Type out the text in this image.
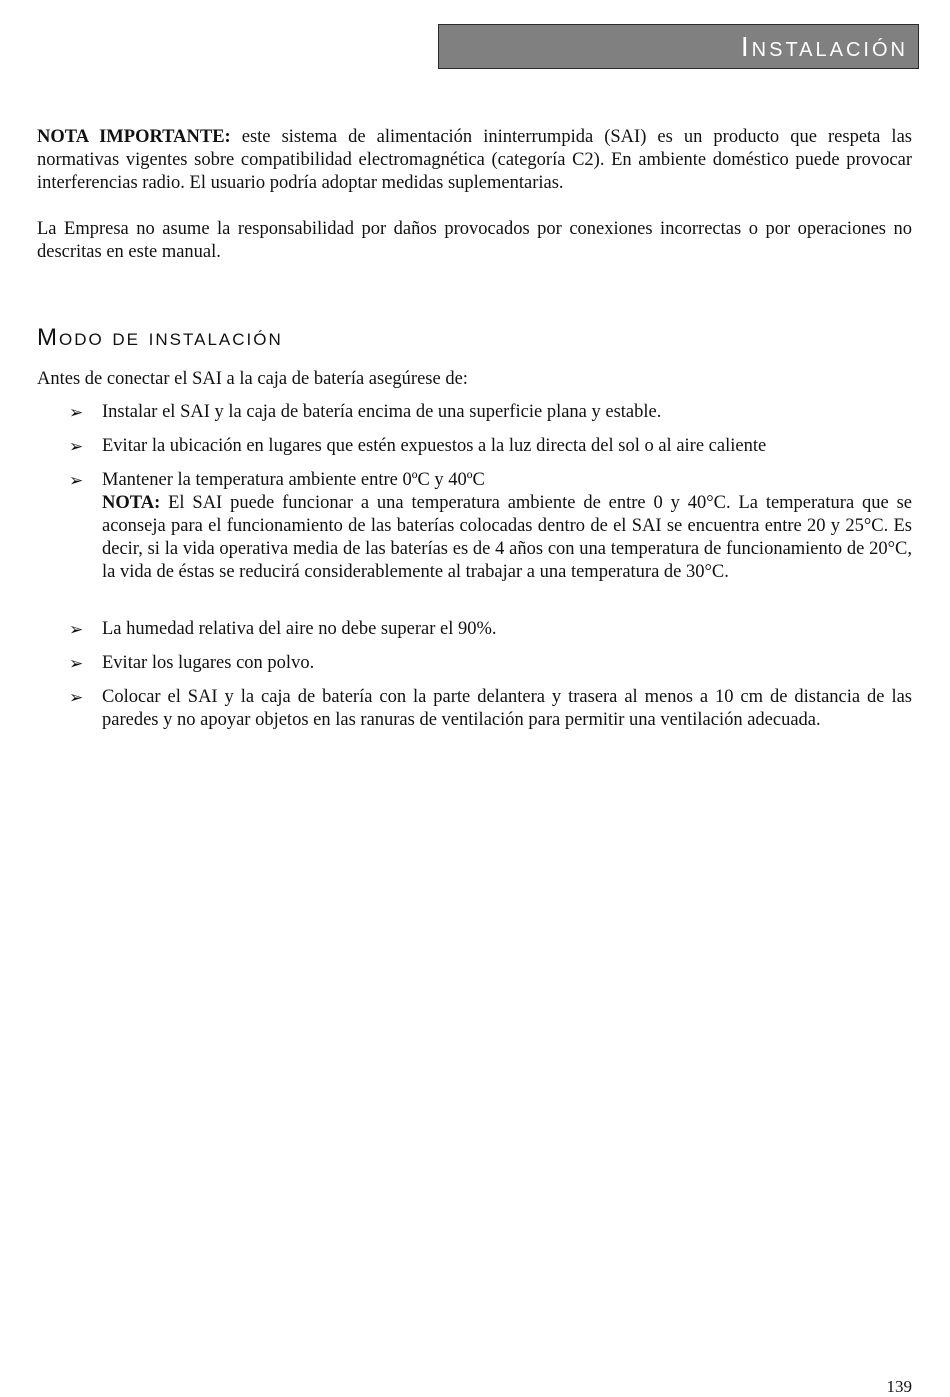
Instalación

NOTA IMPORTANTE: este sistema de alimentación ininterrumpida (SAI) es un producto que respeta las normativas vigentes sobre compatibilidad electromagnética (categoría C2). En ambiente doméstico puede provocar interferencias radio. El usuario podría adoptar medidas suplementarias.

La Empresa no asume la responsabilidad por daños provocados por conexiones incorrectas o por operaciones no descritas en este manual.

Modo de instalación
Antes de conectar el SAI a la caja de batería asegúrese de:
➢ Instalar el SAI y la caja de batería encima de una superficie plana y estable.

➢ Evitar la ubicación en lugares que estén expuestos a la luz directa del sol o al aire caliente

➢ Mantener la temperatura ambiente entre 0ºC y 40ºC
NOTA: El SAI puede funcionar a una temperatura ambiente de entre 0 y 40°C. La temperatura que se aconseja para el funcionamiento de las baterías colocadas dentro de el SAI se encuentra entre 20 y 25°C. Es decir, si la vida operativa media de las baterías es de 4 años con una temperatura de funcionamiento de 20°C, la vida de éstas se reducirá considerablemente al trabajar a una temperatura de 30°C.

➢ La humedad relativa del aire no debe superar el 90%.

➢ Evitar los lugares con polvo.

➢ Colocar el SAI y la caja de batería con la parte delantera y trasera al menos a 10 cm de distancia de las paredes y no apoyar objetos en las ranuras de ventilación para permitir una ventilación adecuada.

139
